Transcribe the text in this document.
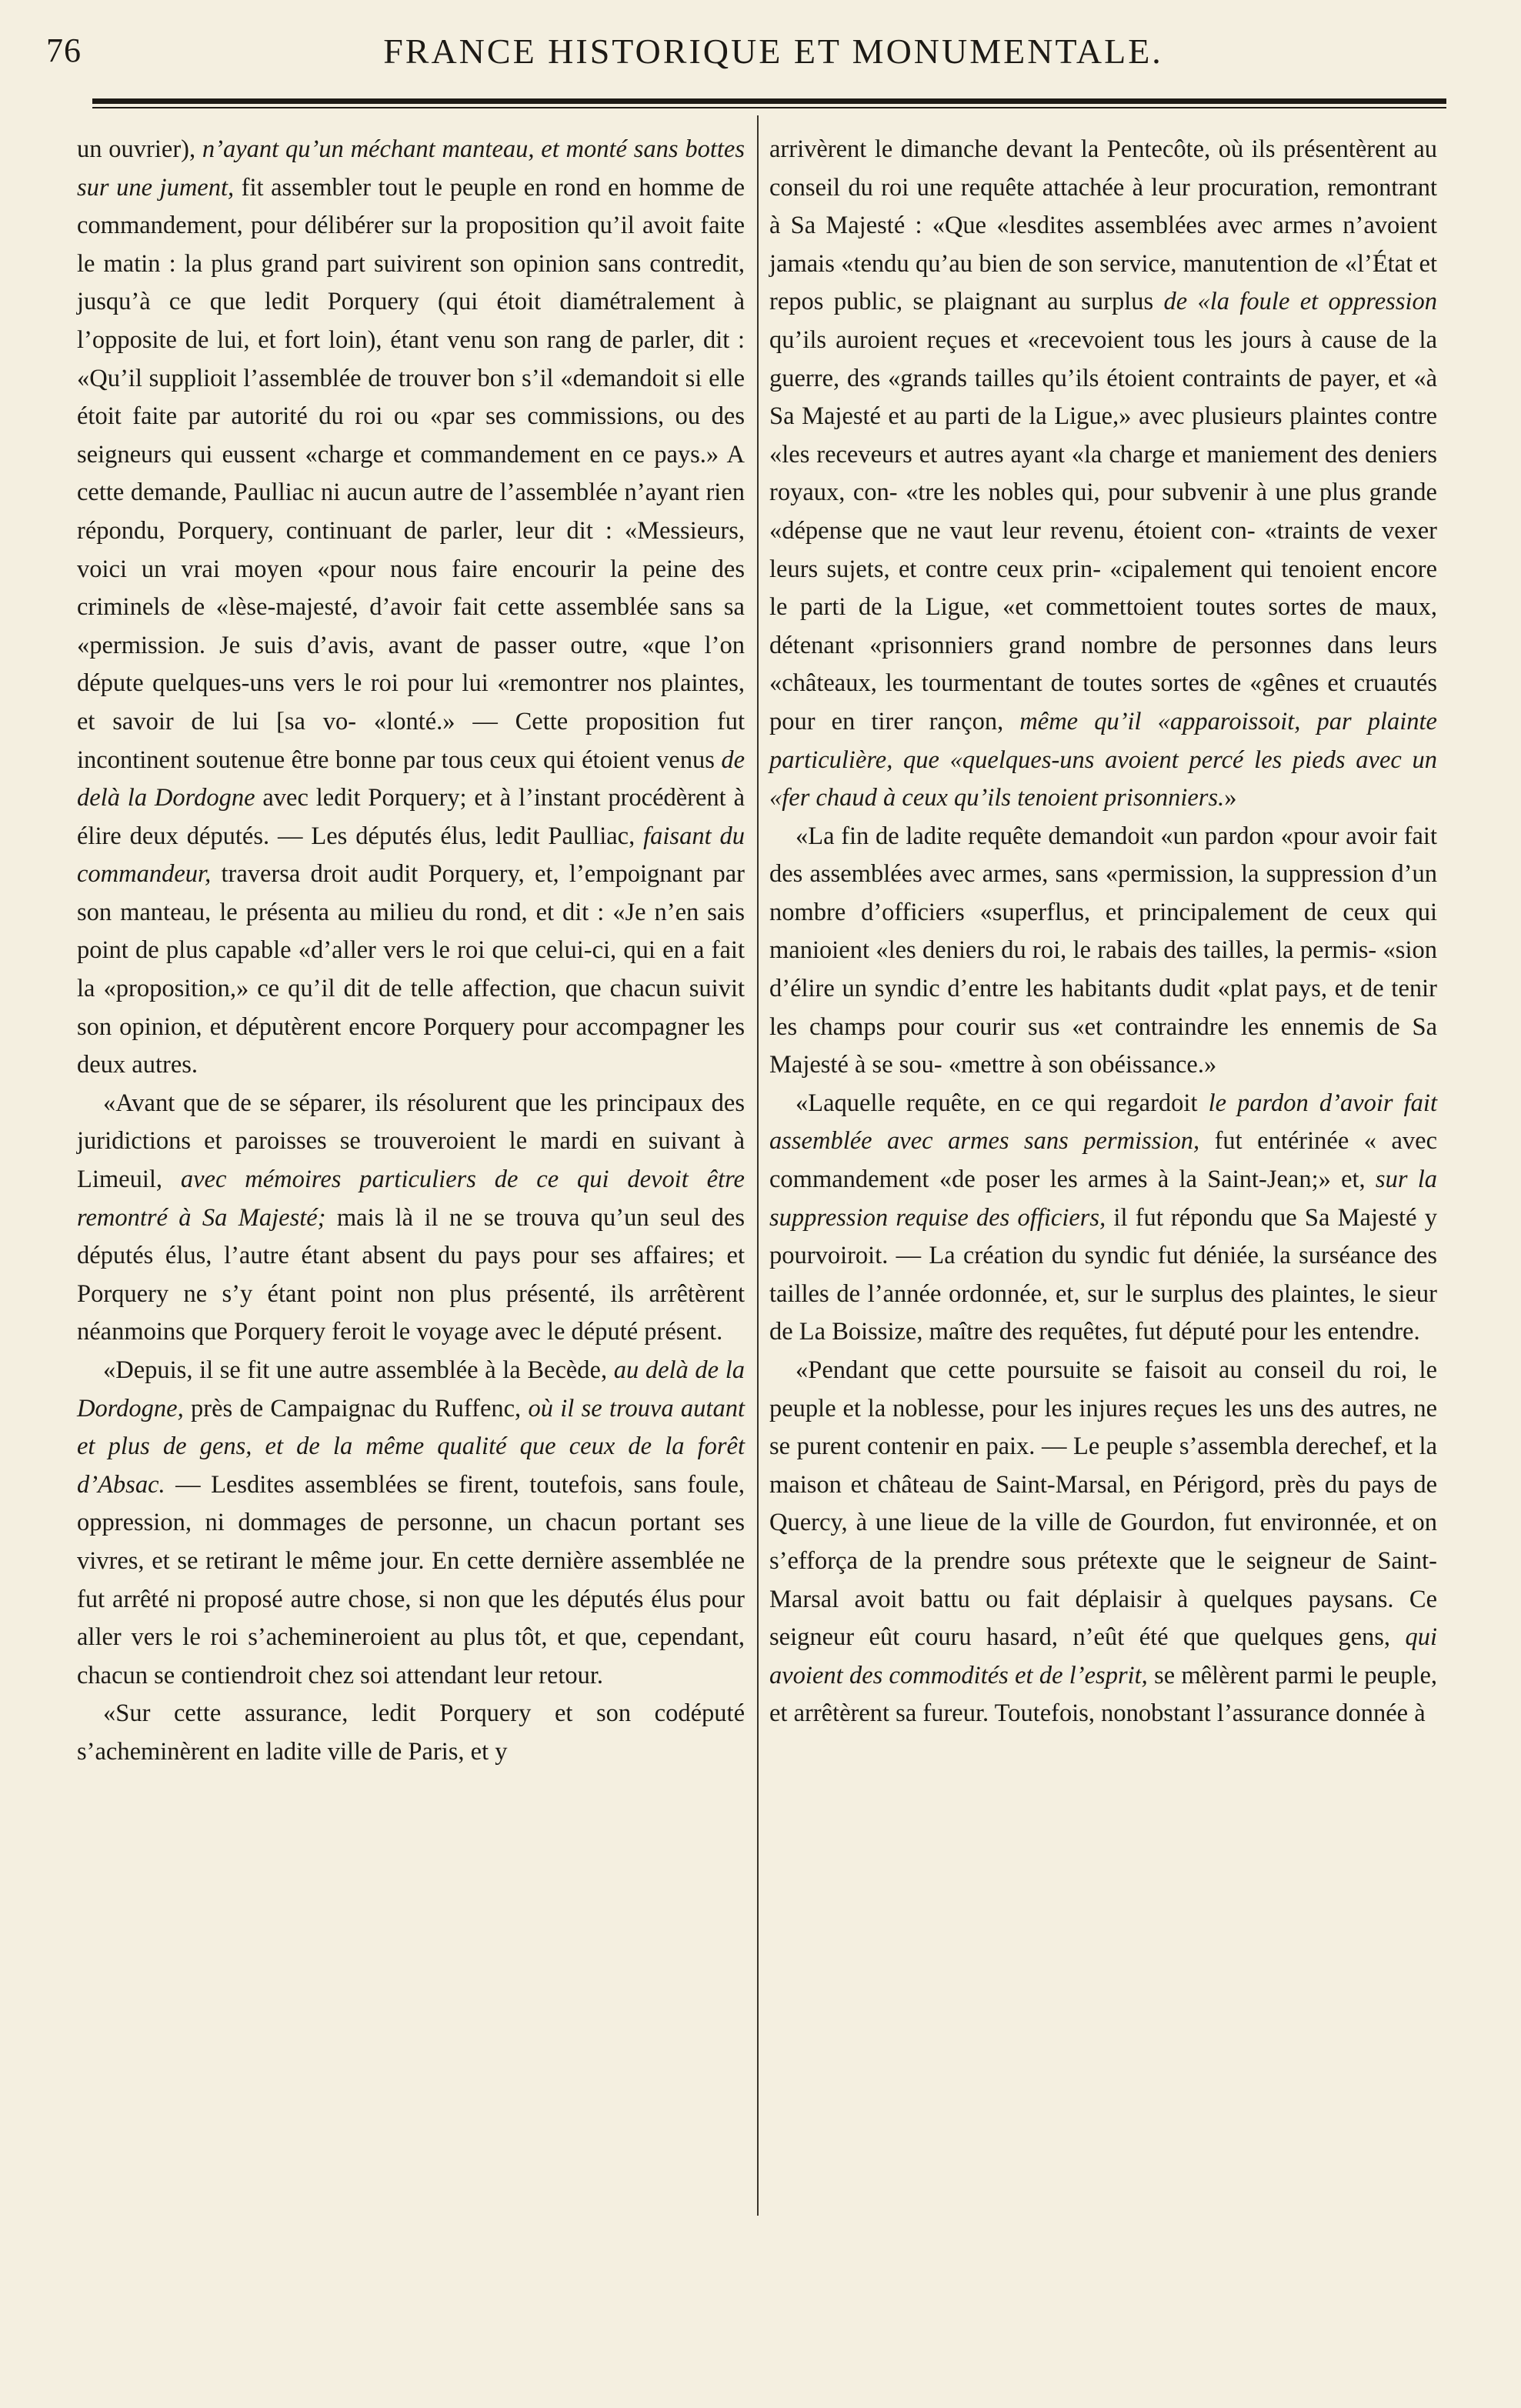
76	FRANCE HISTORIQUE ET MONUMENTALE.

un ouvrier), n’ayant qu’un méchant manteau, et monté sans bottes sur une jument, fit assembler tout le peuple en rond en homme de commandement, pour délibérer sur la proposition qu’il avoit faite le matin : la plus grand part suivirent son opinion sans contredit, jusqu’à ce que ledit Porquery (qui étoit diamétralement à l’opposite de lui, et fort loin), étant venu son rang de parler, dit : «Qu’il supplioit l’assemblée de trouver bon s’il «demandoit si elle étoit faite par autorité du roi ou «par ses commissions, ou des seigneurs qui eussent «charge et commandement en ce pays.» A cette demande, Paulliac ni aucun autre de l’assemblée n’ayant rien répondu, Porquery, continuant de parler, leur dit : «Messieurs, voici un vrai moyen «pour nous faire encourir la peine des criminels de «lèse-majesté, d’avoir fait cette assemblée sans sa «permission. Je suis d’avis, avant de passer outre, «que l’on députe quelques-uns vers le roi pour lui «remontrer nos plaintes, et savoir de lui [sa vo- «lonté.» — Cette proposition fut incontinent soutenue être bonne par tous ceux qui étoient venus de delà la Dordogne avec ledit Porquery; et à l’instant procédèrent à élire deux députés. — Les députés élus, ledit Paulliac, faisant du commandeur, traversa droit audit Porquery, et, l’empoignant par son manteau, le présenta au milieu du rond, et dit : «Je n’en sais point de plus capable «d’aller vers le roi que celui-ci, qui en a fait la «proposition,» ce qu’il dit de telle affection, que chacun suivit son opinion, et députèrent encore Porquery pour accompagner les deux autres.

«Avant que de se séparer, ils résolurent que les principaux des juridictions et paroisses se trouveroient le mardi en suivant à Limeuil, avec mémoires particuliers de ce qui devoit être remontré à Sa Majesté; mais là il ne se trouva qu’un seul des députés élus, l’autre étant absent du pays pour ses affaires; et Porquery ne s’y étant point non plus présenté, ils arrêtèrent néanmoins que Porquery feroit le voyage avec le député présent.

«Depuis, il se fit une autre assemblée à la Becède, au delà de la Dordogne, près de Campaignac du Ruffenc, où il se trouva autant et plus de gens, et de la même qualité que ceux de la forêt d’Absac. — Lesdites assemblées se firent, toutefois, sans foule, oppression, ni dommages de personne, un chacun portant ses vivres, et se retirant le même jour. En cette dernière assemblée ne fut arrêté ni proposé autre chose, si non que les députés élus pour aller vers le roi s’achemineroient au plus tôt, et que, cependant, chacun se contiendroit chez soi attendant leur retour.

«Sur cette assurance, ledit Porquery et son codéputé s’acheminèrent en ladite ville de Paris, et y

arrivèrent le dimanche devant la Pentecôte, où ils présentèrent au conseil du roi une requête attachée à leur procuration, remontrant à Sa Majesté : «Que «lesdites assemblées avec armes n’avoient jamais «tendu qu’au bien de son service, manutention de «l’État et repos public, se plaignant au surplus de «la foule et oppression qu’ils auroient reçues et «recevoient tous les jours à cause de la guerre, des «grands tailles qu’ils étoient contraints de payer, et «à Sa Majesté et au parti de la Ligue,» avec plusieurs plaintes contre «les receveurs et autres ayant «la charge et maniement des deniers royaux, con- «tre les nobles qui, pour subvenir à une plus grande «dépense que ne vaut leur revenu, étoient con- «traints de vexer leurs sujets, et contre ceux prin- «cipalement qui tenoient encore le parti de la Ligue, «et commettoient toutes sortes de maux, détenant «prisonniers grand nombre de personnes dans leurs «châteaux, les tourmentant de toutes sortes de «gênes et cruautés pour en tirer rançon, même qu’il «apparoissoit, par plainte particulière, que «quelques-uns avoient percé les pieds avec un «fer chaud à ceux qu’ils tenoient prisonniers.»

«La fin de ladite requête demandoit «un pardon «pour avoir fait des assemblées avec armes, sans «permission, la suppression d’un nombre d’officiers «superflus, et principalement de ceux qui manioient «les deniers du roi, le rabais des tailles, la permis- «sion d’élire un syndic d’entre les habitants dudit «plat pays, et de tenir les champs pour courir sus «et contraindre les ennemis de Sa Majesté à se sou- «mettre à son obéissance.»

«Laquelle requête, en ce qui regardoit le pardon d’avoir fait assemblée avec armes sans permission, fut entérinée « avec commandement «de poser les armes à la Saint-Jean;» et, sur la suppression requise des officiers, il fut répondu que Sa Majesté y pourvoiroit. — La création du syndic fut déniée, la surséance des tailles de l’année ordonnée, et, sur le surplus des plaintes, le sieur de La Boissize, maître des requêtes, fut député pour les entendre.

«Pendant que cette poursuite se faisoit au conseil du roi, le peuple et la noblesse, pour les injures reçues les uns des autres, ne se purent contenir en paix. — Le peuple s’assembla derechef, et la maison et château de Saint-Marsal, en Périgord, près du pays de Quercy, à une lieue de la ville de Gourdon, fut environnée, et on s’efforça de la prendre sous prétexte que le seigneur de Saint-Marsal avoit battu ou fait déplaisir à quelques paysans. Ce seigneur eût couru hasard, n’eût été que quelques gens, qui avoient des commodités et de l’esprit, se mêlèrent parmi le peuple, et arrêtèrent sa fureur. Toutefois, nonobstant l’assurance donnée à
